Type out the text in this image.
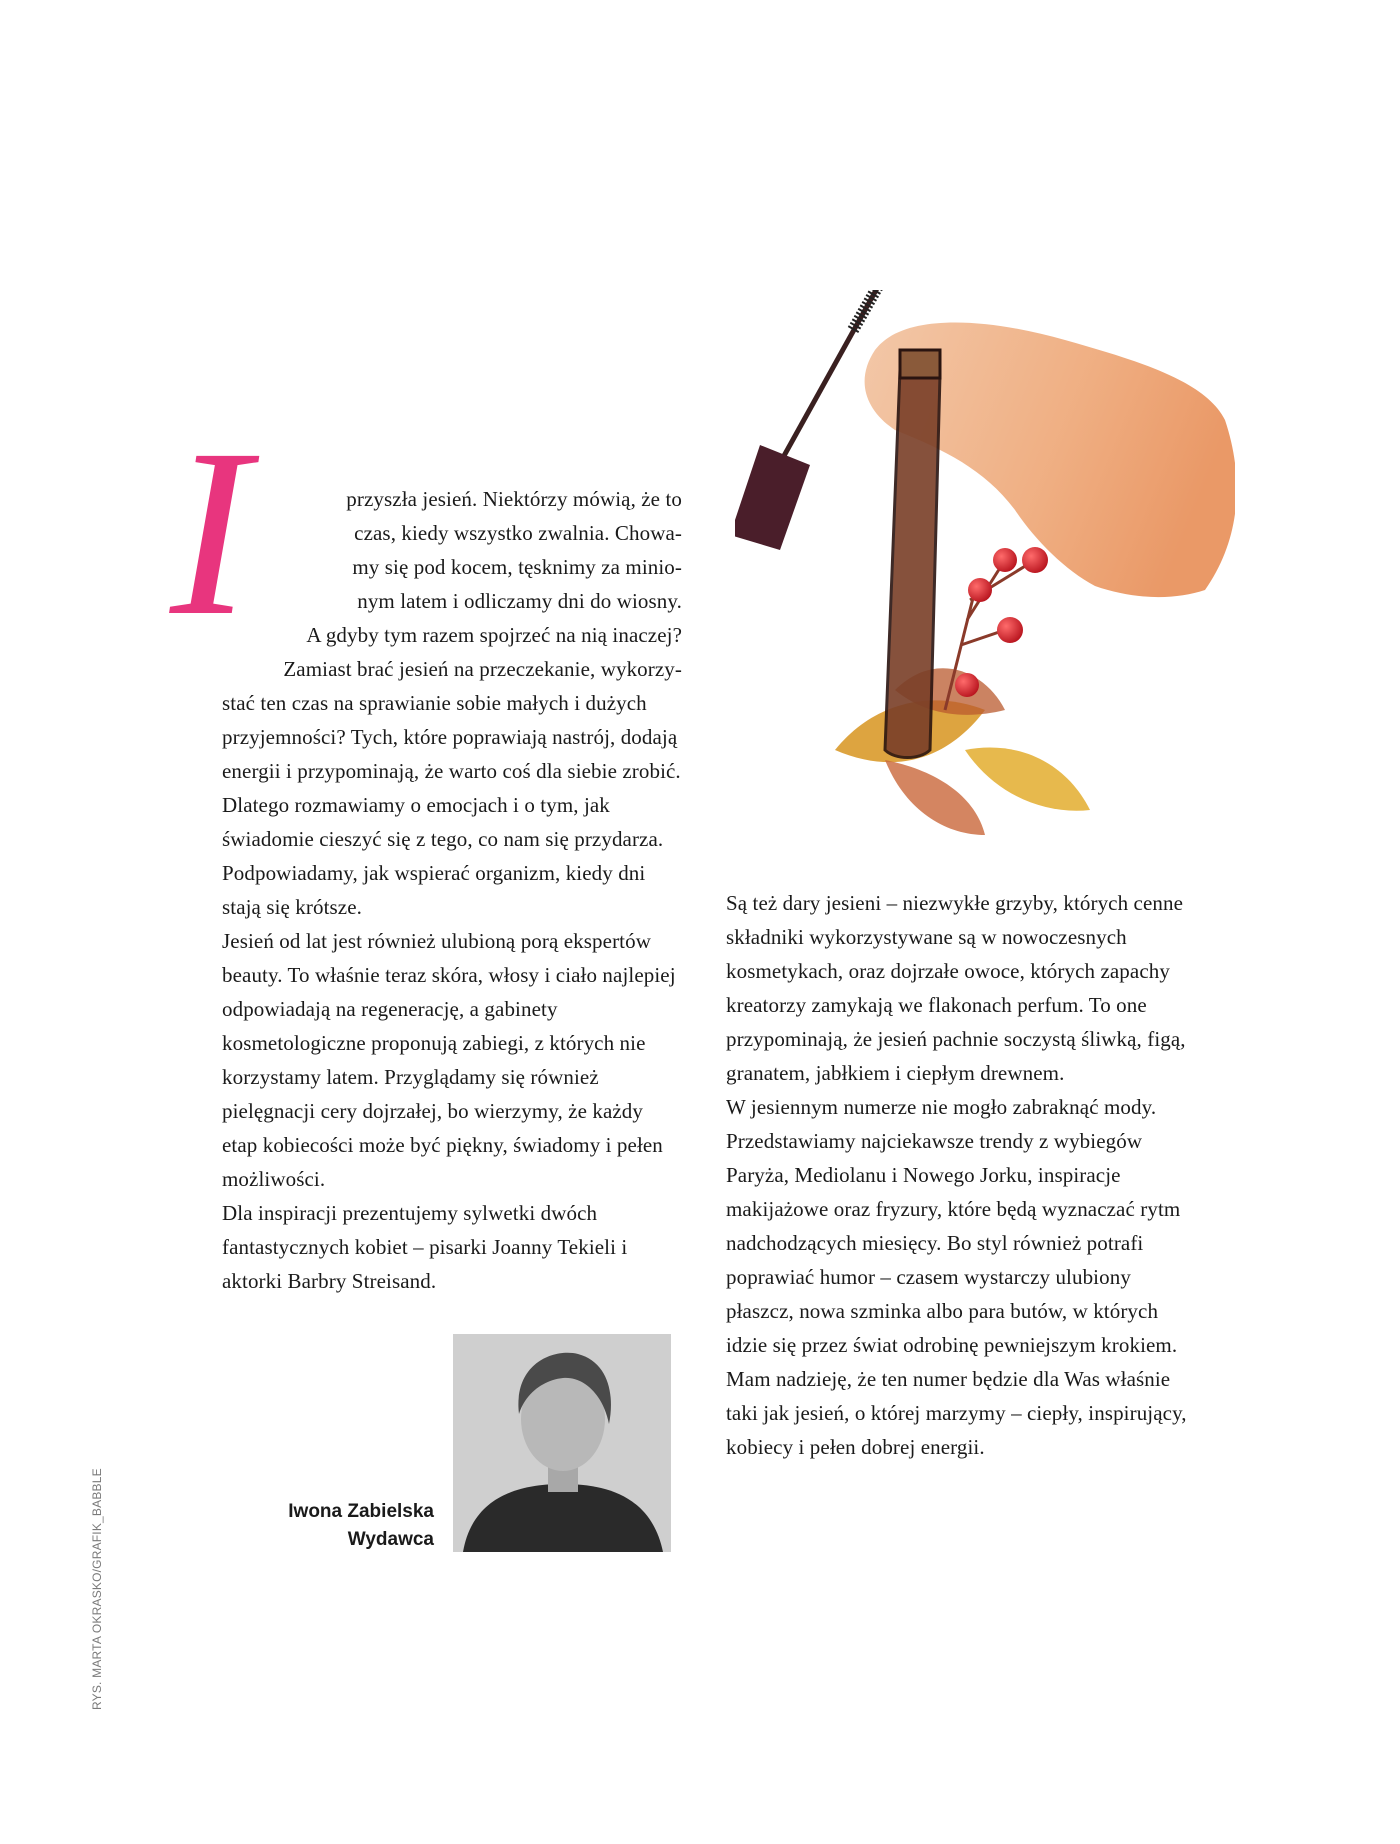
I	przyszła jesień. Niektórzy mówią, że to
czas, kiedy wszystko zwalnia. Chowa-
my się pod kocem, tęsknimy za minio-
nym latem i odliczamy dni do wiosny.
A gdyby tym razem spojrzeć na nią inaczej?
Zamiast brać jesień na przeczekanie, wykorzy-

stać ten czas na sprawianie sobie małych i dużych przyjemności? Tych, które poprawiają nastrój, dodają energii i przypominają, że warto coś dla siebie zrobić. Dlatego rozmawiamy o emocjach i o tym, jak świadomie cieszyć się z tego, co nam się przydarza. Podpowiadamy, jak wspierać organizm, kiedy dni stają się krótsze.

Jesień od lat jest również ulubioną porą ekspertów beauty. To właśnie teraz skóra, włosy i ciało najlepiej odpowiadają na regenerację, a gabinety kosmetologiczne proponują zabiegi, z których nie korzystamy latem. Przyglądamy się również pielęgnacji cery dojrzałej, bo wierzymy, że każdy etap kobiecości może być piękny, świadomy i pełen możliwości.

Dla inspiracji prezentujemy sylwetki dwóch fantastycznych kobiet – pisarki Joanny Tekieli i aktorki Barbry Streisand.

Iwona Zabielska
Wydawca

Są też dary jesieni – niezwykłe grzyby, których cenne składniki wykorzystywane są w nowoczesnych kosmetykach, oraz dojrzałe owoce, których zapachy kreatorzy zamykają we flakonach perfum. To one przypominają, że jesień pachnie soczystą śliwką, figą, granatem, jabłkiem i ciepłym drewnem.

W jesiennym numerze nie mogło zabraknąć mody. Przedstawiamy najciekawsze trendy z wybiegów Paryża, Mediolanu i Nowego Jorku, inspiracje makijażowe oraz fryzury, które będą wyznaczać rytm nadchodzących miesięcy. Bo styl również potrafi poprawiać humor – czasem wystarczy ulubiony płaszcz, nowa szminka albo para butów, w których idzie się przez świat odrobinę pewniejszym krokiem.

Mam nadzieję, że ten numer będzie dla Was właśnie taki jak jesień, o której marzymy – ciepły, inspirujący, kobiecy i pełen dobrej energii.

RYS. MARTA OKRASKO/GRAFIK_BABBLE
